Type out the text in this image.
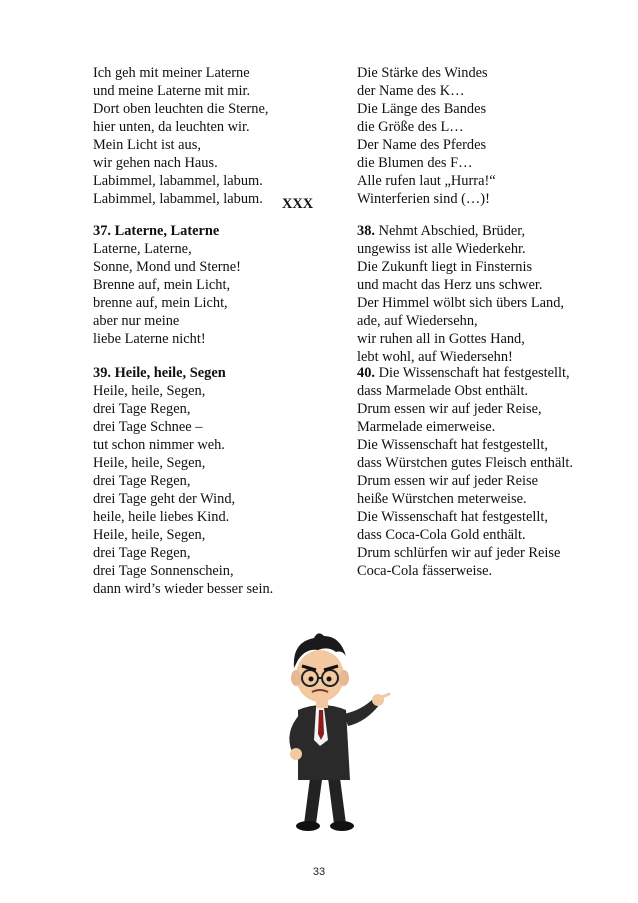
Ich geh mit meiner Laterne
und meine Laterne mit mir.
Dort oben leuchten die Sterne,
hier unten, da leuchten wir.
Mein Licht ist aus,
wir gehen nach Haus.
Labimmel, labammel, labum.
Labimmel, labammel, labum.
Die Stärke des Windes
der Name des K…
Die Länge des Bandes
die Größe des L…
Der Name des Pferdes
die Blumen des F…
Alle rufen laut „Hurra!“
Winterferien sind (…)!
XXX
37. Laterne, Laterne
Laterne, Laterne,
Sonne, Mond und Sterne!
Brenne auf, mein Licht,
brenne auf, mein Licht,
aber nur meine
liebe Laterne nicht!
38. Nehmt Abschied, Brüder,
ungewiss ist alle Wiederkehr.
Die Zukunft liegt in Finsternis
und macht das Herz uns schwer.
Der Himmel wölbt sich übers Land,
ade, auf Wiedersehn,
wir ruhen all in Gottes Hand,
lebt wohl, auf Wiedersehn!
39. Heile, heile, Segen
Heile, heile, Segen,
drei Tage Regen,
drei Tage Schnee –
tut schon nimmer weh.
Heile, heile, Segen,
drei Tage Regen,
drei Tage geht der Wind,
heile, heile liebes Kind.
Heile, heile, Segen,
drei Tage Regen,
drei Tage Sonnenschein,
dann wird’s wieder besser sein.
40. Die Wissenschaft hat festgestellt,
dass Marmelade Obst enthält.
Drum essen wir auf jeder Reise,
Marmelade eimerweise.
Die Wissenschaft hat festgestellt,
dass Würstchen gutes Fleisch enthält.
Drum essen wir auf jeder Reise
heiße Würstchen meterweise.
Die Wissenschaft hat festgestellt,
dass Coca-Cola Gold enthält.
Drum schlürfen wir auf jeder Reise
Coca-Cola fässerweise.
33
